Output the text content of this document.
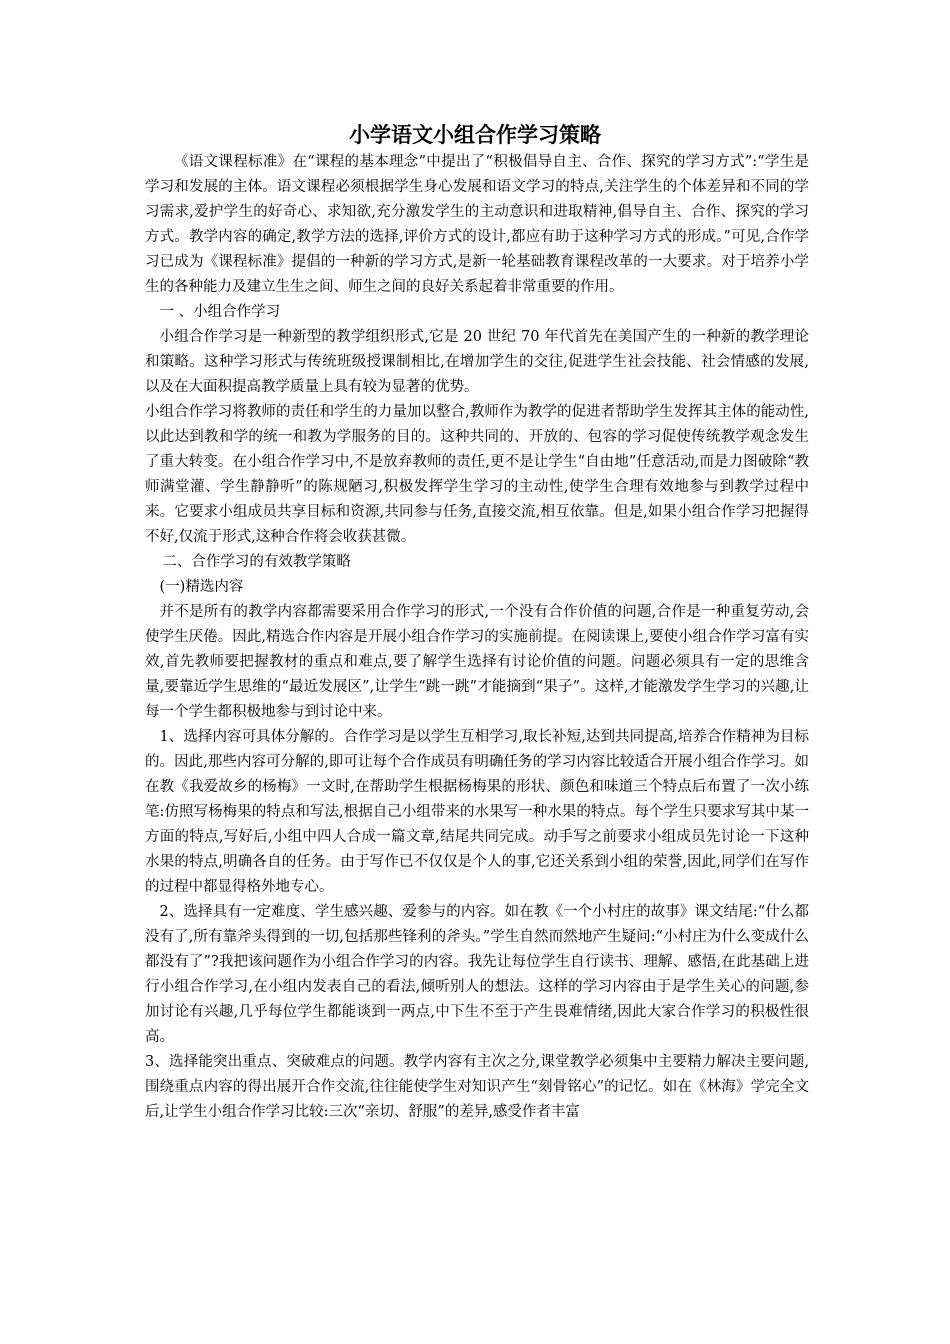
小学语文小组合作学习策略

《语文课程标准》在“课程的基本理念”中提出了“积极倡导自主、合作、探究的学习方式”:“学生是学习和发展的主体。语文课程必须根据学生身心发展和语文学习的特点,关注学生的个体差异和不同的学习需求,爱护学生的好奇心、求知欲,充分激发学生的主动意识和进取精神,倡导自主、合作、探究的学习方式。教学内容的确定,教学方法的选择,评价方式的设计,都应有助于这种学习方式的形成。”可见,合作学习已成为《课程标准》提倡的一种新的学习方式,是新一轮基础教育课程改革的一大要求。对于培养小学生的各种能力及建立生生之间、师生之间的良好关系起着非常重要的作用。

一 、小组合作学习

小组合作学习是一种新型的教学组织形式,它是 20 世纪 70 年代首先在美国产生的一种新的教学理论和策略。这种学习形式与传统班级授课制相比,在增加学生的交往,促进学生社会技能、社会情感的发展,以及在大面积提高教学质量上具有较为显著的优势。

小组合作学习将教师的责任和学生的力量加以整合,教师作为教学的促进者帮助学生发挥其主体的能动性,以此达到教和学的统一和教为学服务的目的。这种共同的、开放的、包容的学习促使传统教学观念发生了重大转变。在小组合作学习中,不是放弃教师的责任,更不是让学生“自由地”任意活动,而是力图破除“教师满堂灌、学生静静听”的陈规陋习,积极发挥学生学习的主动性,使学生合理有效地参与到教学过程中来。它要求小组成员共享目标和资源,共同参与任务,直接交流,相互依靠。但是,如果小组合作学习把握得不好,仅流于形式,这种合作将会收获甚微。

二、合作学习的有效教学策略

(一)精选内容

并不是所有的教学内容都需要采用合作学习的形式,一个没有合作价值的问题,合作是一种重复劳动,会使学生厌倦。因此,精选合作内容是开展小组合作学习的实施前提。在阅读课上,要使小组合作学习富有实效,首先教师要把握教材的重点和难点,要了解学生选择有讨论价值的问题。问题必须具有一定的思维含量,要靠近学生思维的“最近发展区”,让学生“跳一跳”才能摘到“果子”。这样,才能激发学生学习的兴趣,让每一个学生都积极地参与到讨论中来。

1、选择内容可具体分解的。合作学习是以学生互相学习,取长补短,达到共同提高,培养合作精神为目标的。因此,那些内容可分解的,即可让每个合作成员有明确任务的学习内容比较适合开展小组合作学习。如在教《我爱故乡的杨梅》一文时,在帮助学生根据杨梅果的形状、颜色和味道三个特点后布置了一次小练笔:仿照写杨梅果的特点和写法,根据自己小组带来的水果写一种水果的特点。每个学生只要求写其中某一方面的特点,写好后,小组中四人合成一篇文章,结尾共同完成。动手写之前要求小组成员先讨论一下这种水果的特点,明确各自的任务。由于写作已不仅仅是个人的事,它还关系到小组的荣誉,因此,同学们在写作的过程中都显得格外地专心。

2、选择具有一定难度、学生感兴趣、爱参与的内容。如在教《一个小村庄的故事》课文结尾:“什么都没有了,所有靠斧头得到的一切,包括那些锋利的斧头。”学生自然而然地产生疑问:“小村庄为什么变成什么都没有了”?我把该问题作为小组合作学习的内容。我先让每位学生自行读书、理解、感悟,在此基础上进行小组合作学习,在小组内发表自己的看法,倾听别人的想法。这样的学习内容由于是学生关心的问题,参加讨论有兴趣,几乎每位学生都能谈到一两点,中下生不至于产生畏难情绪,因此大家合作学习的积极性很高。

3、选择能突出重点、突破难点的问题。教学内容有主次之分,课堂教学必须集中主要精力解决主要问题,围绕重点内容的得出展开合作交流,往往能使学生对知识产生“刻骨铭心”的记忆。如在《林海》学完全文后,让学生小组合作学习比较:三次“亲切、舒服”的差异,感受作者丰富
